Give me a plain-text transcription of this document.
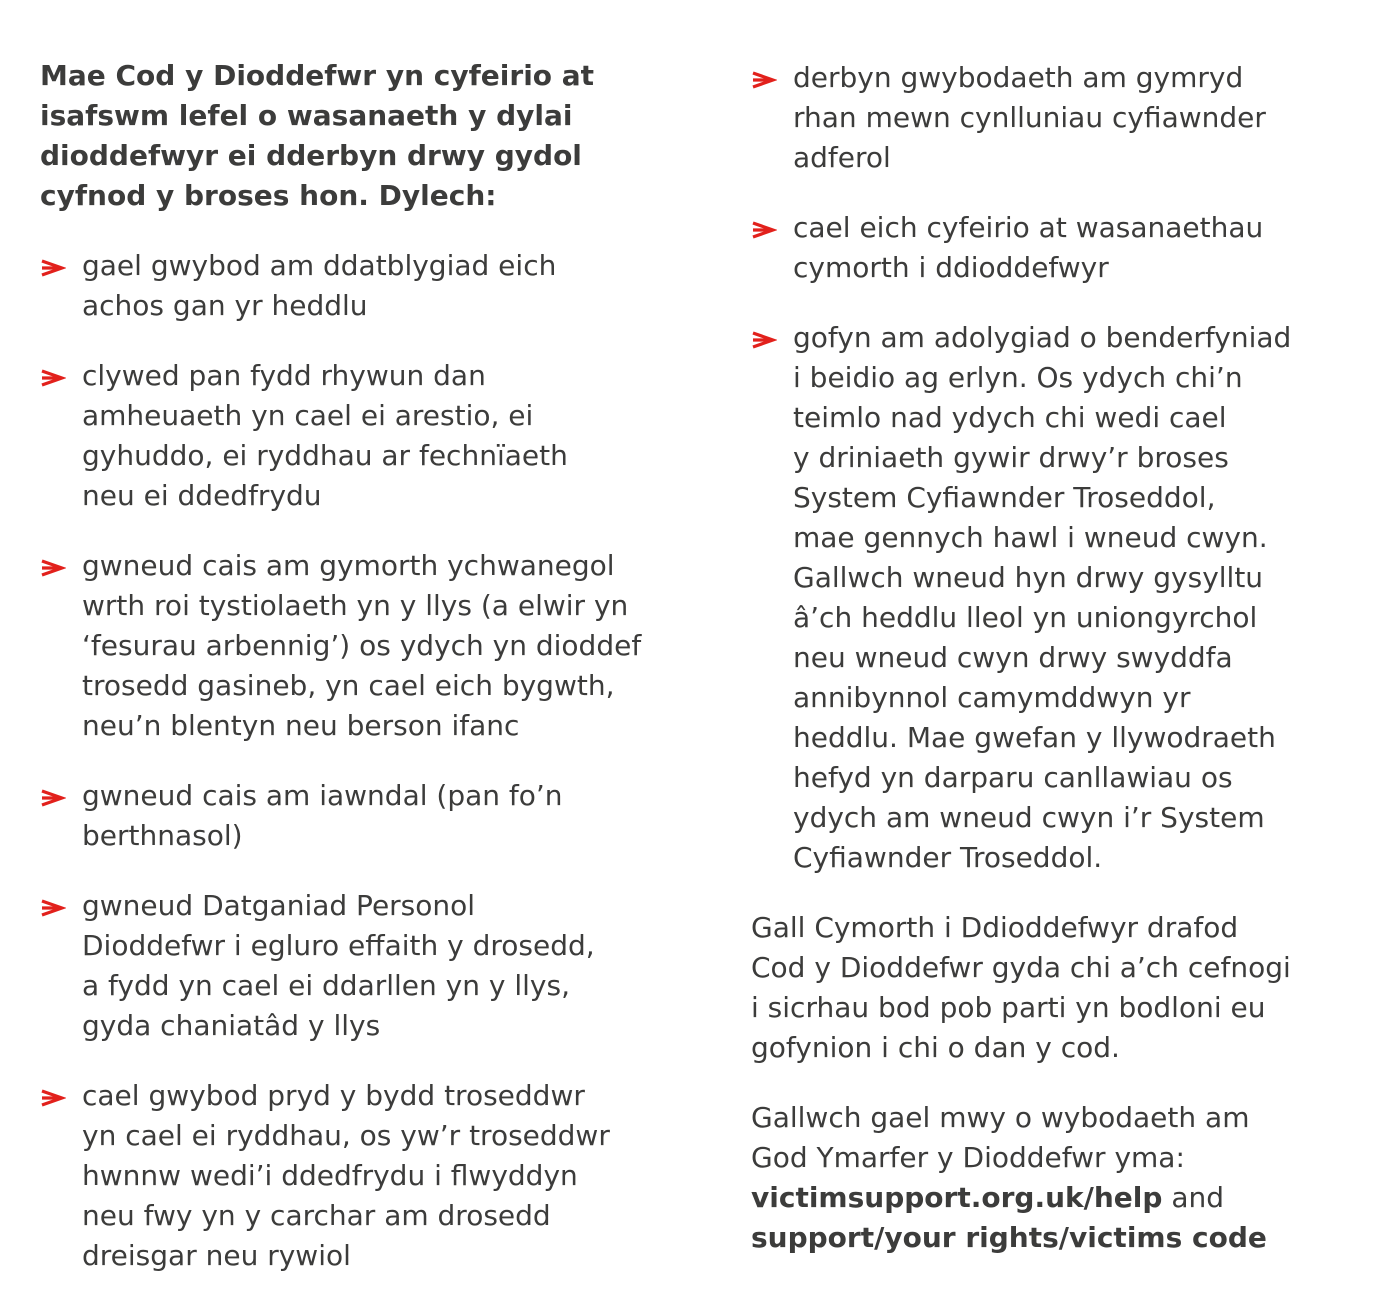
Mae Cod y Dioddefwr yn cyfeirio at
isafswm lefel o wasanaeth y dylai
dioddefwyr ei dderbyn drwy gydol
cyfnod y broses hon. Dylech:

gael gwybod am ddatblygiad eich
achos gan yr heddlu
clywed pan fydd rhywun dan
amheuaeth yn cael ei arestio, ei
gyhuddo, ei ryddhau ar fechnïaeth
neu ei ddedfrydu
gwneud cais am gymorth ychwanegol
wrth roi tystiolaeth yn y llys (a elwir yn
‘fesurau arbennig’) os ydych yn dioddef
trosedd gasineb, yn cael eich bygwth,
neu’n blentyn neu berson ifanc
gwneud cais am iawndal (pan fo’n
berthnasol)
gwneud Datganiad Personol
Dioddefwr i egluro effaith y drosedd,
a fydd yn cael ei ddarllen yn y llys,
gyda chaniatâd y llys
cael gwybod pryd y bydd troseddwr
yn cael ei ryddhau, os yw’r troseddwr
hwnnw wedi’i ddedfrydu i flwyddyn
neu fwy yn y carchar am drosedd
dreisgar neu rywiol
derbyn gwybodaeth am gymryd
rhan mewn cynlluniau cyfiawnder
adferol
cael eich cyfeirio at wasanaethau
cymorth i ddioddefwyr
gofyn am adolygiad o benderfyniad
i beidio ag erlyn. Os ydych chi’n
teimlo nad ydych chi wedi cael
y driniaeth gywir drwy’r broses
System Cyfiawnder Troseddol,
mae gennych hawl i wneud cwyn.
Gallwch wneud hyn drwy gysylltu
â’ch heddlu lleol yn uniongyrchol
neu wneud cwyn drwy swyddfa
annibynnol camymddwyn yr
heddlu. Mae gwefan y llywodraeth
hefyd yn darparu canllawiau os
ydych am wneud cwyn i’r System
Cyfiawnder Troseddol.

Gall Cymorth i Ddioddefwyr drafod
Cod y Dioddefwr gyda chi a’ch cefnogi
i sicrhau bod pob parti yn bodloni eu
gofynion i chi o dan y cod.

Gallwch gael mwy o wybodaeth am
God Ymarfer y Dioddefwr yma:
victimsupport.org.uk/help and
support/your rights/victims code
